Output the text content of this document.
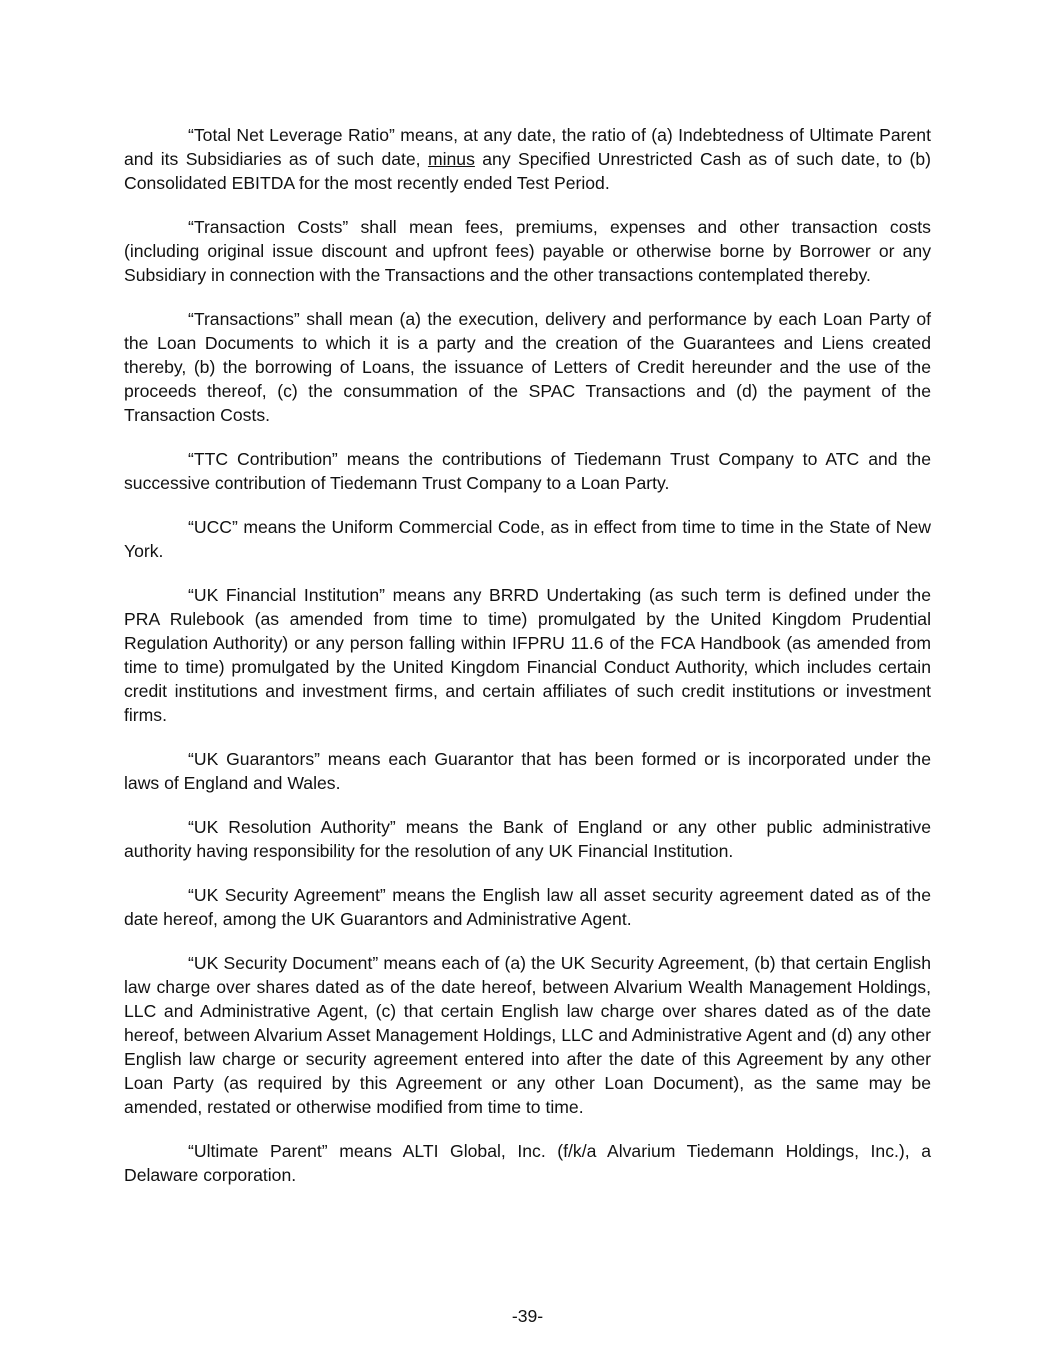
“Total Net Leverage Ratio” means, at any date, the ratio of (a) Indebtedness of Ultimate Parent and its Subsidiaries as of such date, minus any Specified Unrestricted Cash as of such date, to (b) Consolidated EBITDA for the most recently ended Test Period.

“Transaction Costs” shall mean fees, premiums, expenses and other transaction costs (including original issue discount and upfront fees) payable or otherwise borne by Borrower or any Subsidiary in connection with the Transactions and the other transactions contemplated thereby.

“Transactions” shall mean (a) the execution, delivery and performance by each Loan Party of the Loan Documents to which it is a party and the creation of the Guarantees and Liens created thereby, (b) the borrowing of Loans, the issuance of Letters of Credit hereunder and the use of the proceeds thereof, (c) the consummation of the SPAC Transactions and (d) the payment of the Transaction Costs.

“TTC Contribution” means the contributions of Tiedemann Trust Company to ATC and the successive contribution of Tiedemann Trust Company to a Loan Party.

“UCC” means the Uniform Commercial Code, as in effect from time to time in the State of New York.

“UK Financial Institution” means any BRRD Undertaking (as such term is defined under the PRA Rulebook (as amended from time to time) promulgated by the United Kingdom Prudential Regulation Authority) or any person falling within IFPRU 11.6 of the FCA Handbook (as amended from time to time) promulgated by the United Kingdom Financial Conduct Authority, which includes certain credit institutions and investment firms, and certain affiliates of such credit institutions or investment firms.

“UK Guarantors” means each Guarantor that has been formed or is incorporated under the laws of England and Wales.

“UK Resolution Authority” means the Bank of England or any other public administrative authority having responsibility for the resolution of any UK Financial Institution.

“UK Security Agreement” means the English law all asset security agreement dated as of the date hereof, among the UK Guarantors and Administrative Agent.

“UK Security Document” means each of (a) the UK Security Agreement, (b) that certain English law charge over shares dated as of the date hereof, between Alvarium Wealth Management Holdings, LLC and Administrative Agent, (c) that certain English law charge over shares dated as of the date hereof, between Alvarium Asset Management Holdings, LLC and Administrative Agent and (d) any other English law charge or security agreement entered into after the date of this Agreement by any other Loan Party (as required by this Agreement or any other Loan Document), as the same may be amended, restated or otherwise modified from time to time.

“Ultimate Parent” means ALTI Global, Inc. (f/k/a Alvarium Tiedemann Holdings, Inc.), a Delaware corporation.

-39-
